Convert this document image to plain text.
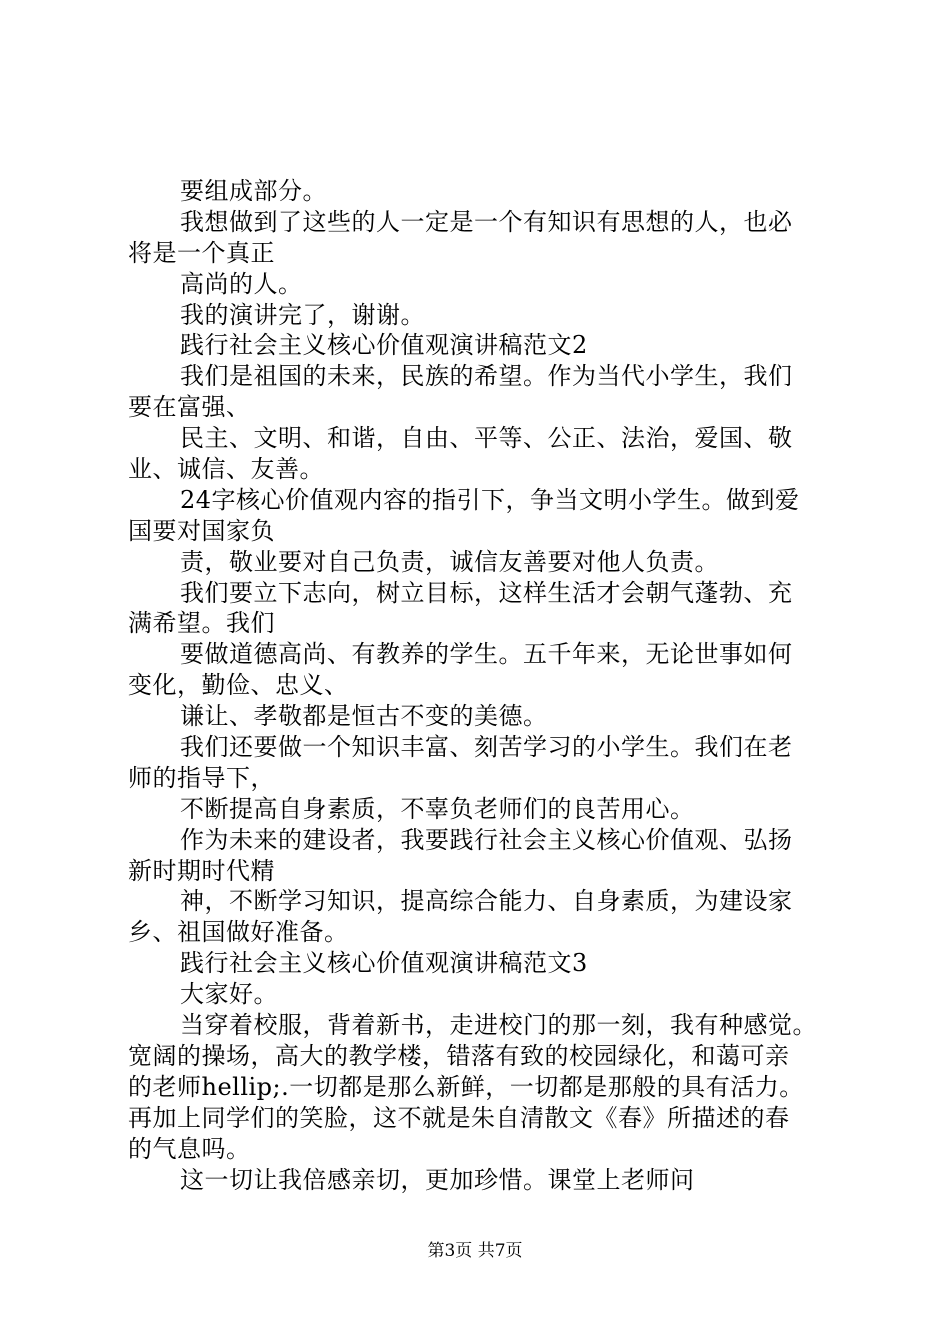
要组成部分。
我想做到了这些的人一定是一个有知识有思想的人，也必
将是一个真正
高尚的人。
我的演讲完了，谢谢。
践行社会主义核心价值观演讲稿范文2
我们是祖国的未来，民族的希望。作为当代小学生，我们
要在富强、
民主、文明、和谐，自由、平等、公正、法治，爱国、敬
业、诚信、友善。
24字核心价值观内容的指引下，争当文明小学生。做到爱
国要对国家负
责，敬业要对自己负责，诚信友善要对他人负责。
我们要立下志向，树立目标，这样生活才会朝气蓬勃、充
满希望。我们
要做道德高尚、有教养的学生。五千年来，无论世事如何
变化，勤俭、忠义、
谦让、孝敬都是恒古不变的美德。
我们还要做一个知识丰富、刻苦学习的小学生。我们在老
师的指导下，
不断提高自身素质，不辜负老师们的良苦用心。
作为未来的建设者，我要践行社会主义核心价值观、弘扬
新时期时代精
神，不断学习知识，提高综合能力、自身素质，为建设家
乡、祖国做好准备。
践行社会主义核心价值观演讲稿范文3
大家好。
当穿着校服，背着新书，走进校门的那一刻，我有种感觉。
宽阔的操场，高大的教学楼，错落有致的校园绿化，和蔼可亲
的老师hellip;.一切都是那么新鲜，一切都是那般的具有活力。
再加上同学们的笑脸，这不就是朱自清散文《春》所描述的春
的气息吗。
这一切让我倍感亲切，更加珍惜。课堂上老师问
第3页 共7页
